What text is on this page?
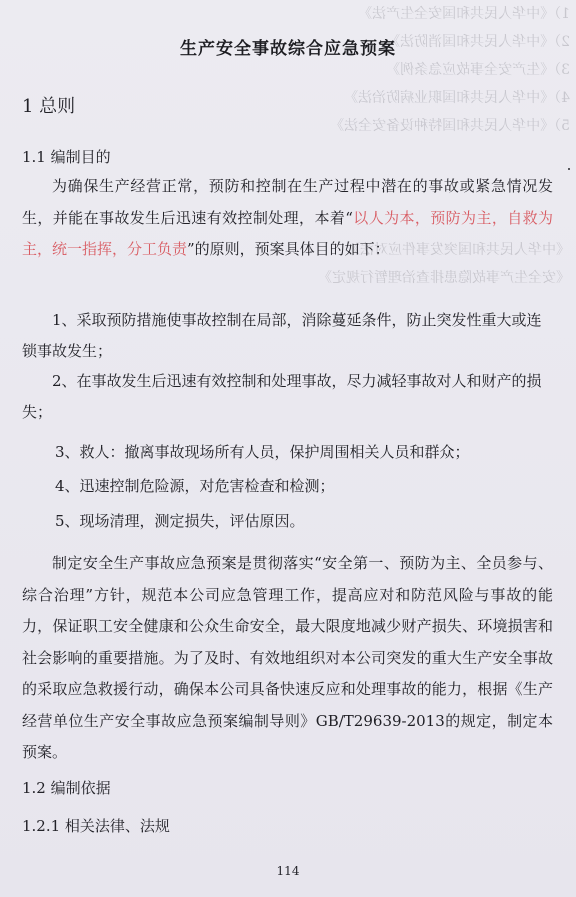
1）《中华人民共和国安全生产法》
2）《中华人民共和国消防法》
3）《生产安全事故应急条例》
4）《中华人民共和国职业病防治法》
5）《中华人民共和国特种设备安全法》
《中华人民共和国突发事件应对法》
《安全生产事故隐患排查治理暂行规定》
生产安全事故综合应急预案
1 总则
1.1 编制目的

为确保生产经营正常，预防和控制在生产过程中潜在的事故或紧急情况发生，并能在事故发生后迅速有效控制处理，本着“以人为本，预防为主，自救为主，统一指挥，分工负责”的原则，预案具体目的如下：

1、采取预防措施使事故控制在局部，消除蔓延条件，防止突发性重大或连锁事故发生；

2、在事故发生后迅速有效控制和处理事故，尽力减轻事故对人和财产的损失；

3、救人：撤离事故现场所有人员，保护周围相关人员和群众；

4、迅速控制危险源，对危害检查和检测；

5、现场清理，测定损失，评估原因。

制定安全生产事故应急预案是贯彻落实“安全第一、预防为主、全员参与、综合治理”方针，规范本公司应急管理工作，提高应对和防范风险与事故的能力，保证职工安全健康和公众生命安全，最大限度地减少财产损失、环境损害和社会影响的重要措施。为了及时、有效地组织对本公司突发的重大生产安全事故的采取应急救援行动，确保本公司具备快速反应和处理事故的能力，根据《生产经营单位生产安全事故应急预案编制导则》GB/T29639-2013的规定，制定本预案。

1.2 编制依据
1.2.1 相关法律、法规
114
